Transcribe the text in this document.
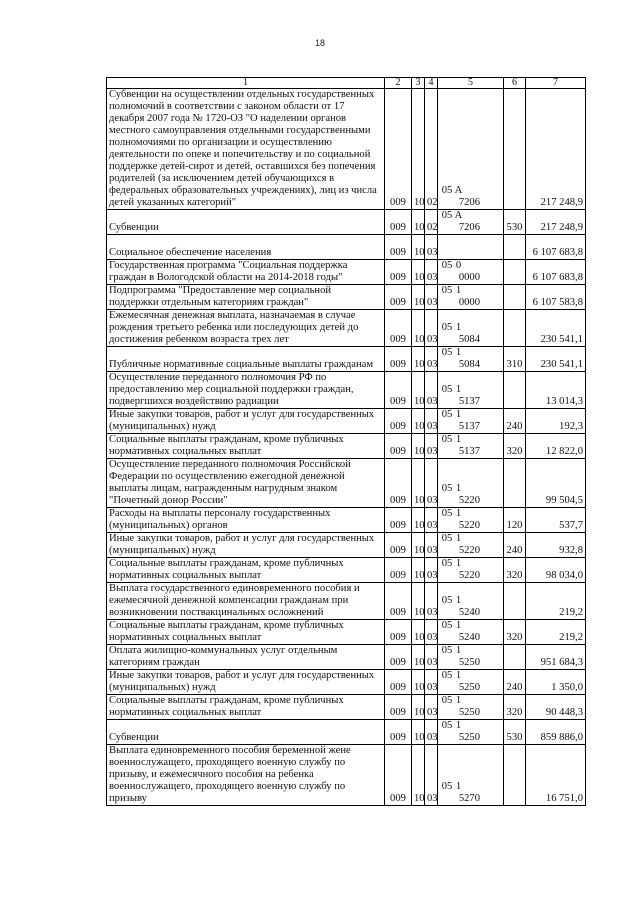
18
1	2	3	4	5	6	7
Субвенции на осуществлении отдельных государственных полномочий в соответствии с законом области от 17 декабря 2007 года № 1720-ОЗ "О наделении органов местного самоуправления отдельными государственными полномочиями по организации и осуществлению деятельности по опеке и попечительству и по социальной поддержке детей-сирот и детей, оставшихся без попечения родителей (за исключением детей обучающихся в федеральных образовательных учреждениях), лиц из числа детей указанных категорий"	009	10	02	05 А7206		217 248,9
Субвенции	009	10	02	05 А7206	530	217 248,9
Социальное обеспечение населения	009	10	03			6 107 683,8
Государственная программа "Социальная поддержка граждан в Вологодской области на 2014-2018 годы"	009	10	03	05 00000		6 107 683,8
Подпрограмма "Предоставление мер социальной поддержки отдельным категориям граждан"	009	10	03	05 10000		6 107 583,8
Ежемесячная денежная выплата, назначаемая в случае рождения третьего ребенка или последующих детей до достижения ребенком возраста трех лет	009	10	03	05 15084		230 541,1
Публичные нормативные социальные выплаты гражданам	009	10	03	05 15084	310	230 541,1
Осуществление переданного полномочия РФ по предоставлению мер социальной поддержки граждан, подвергшихся воздействию радиации	009	10	03	05 15137		13 014,3
Иные закупки товаров, работ и услуг для государственных (муниципальных) нужд	009	10	03	05 15137	240	192,3
Социальные выплаты гражданам, кроме публичных нормативных социальных выплат	009	10	03	05 15137	320	12 822,0
Осуществление переданного полномочия Российской Федерации по осуществлению ежегодной денежной выплаты лицам, награжденным нагрудным знаком "Почетный донор России"	009	10	03	05 15220		99 504,5
Расходы на выплаты персоналу государственных (муниципальных) органов	009	10	03	05 15220	120	537,7
Иные закупки товаров, работ и услуг для государственных (муниципальных) нужд	009	10	03	05 15220	240	932,8
Социальные выплаты гражданам, кроме публичных нормативных социальных выплат	009	10	03	05 15220	320	98 034,0
Выплата государственного единовременного пособия и ежемесячной денежной компенсации гражданам при возникновении поствакцинальных осложнений	009	10	03	05 15240		219,2
Социальные выплаты гражданам, кроме публичных нормативных социальных выплат	009	10	03	05 15240	320	219,2
Оплата жилищно-коммунальных услуг отдельным категориям граждан	009	10	03	05 15250		951 684,3
Иные закупки товаров, работ и услуг для государственных (муниципальных) нужд	009	10	03	05 15250	240	1 350,0
Социальные выплаты гражданам, кроме публичных нормативных социальных выплат	009	10	03	05 15250	320	90 448,3
Субвенции	009	10	03	05 15250	530	859 886,0
Выплата единовременного пособия беременной жене военнослужащего, проходящего военную службу по призыву, и ежемесячного пособия на ребенка военнослужащего, проходящего военную службу по призыву	009	10	03	05 15270		16 751,0
